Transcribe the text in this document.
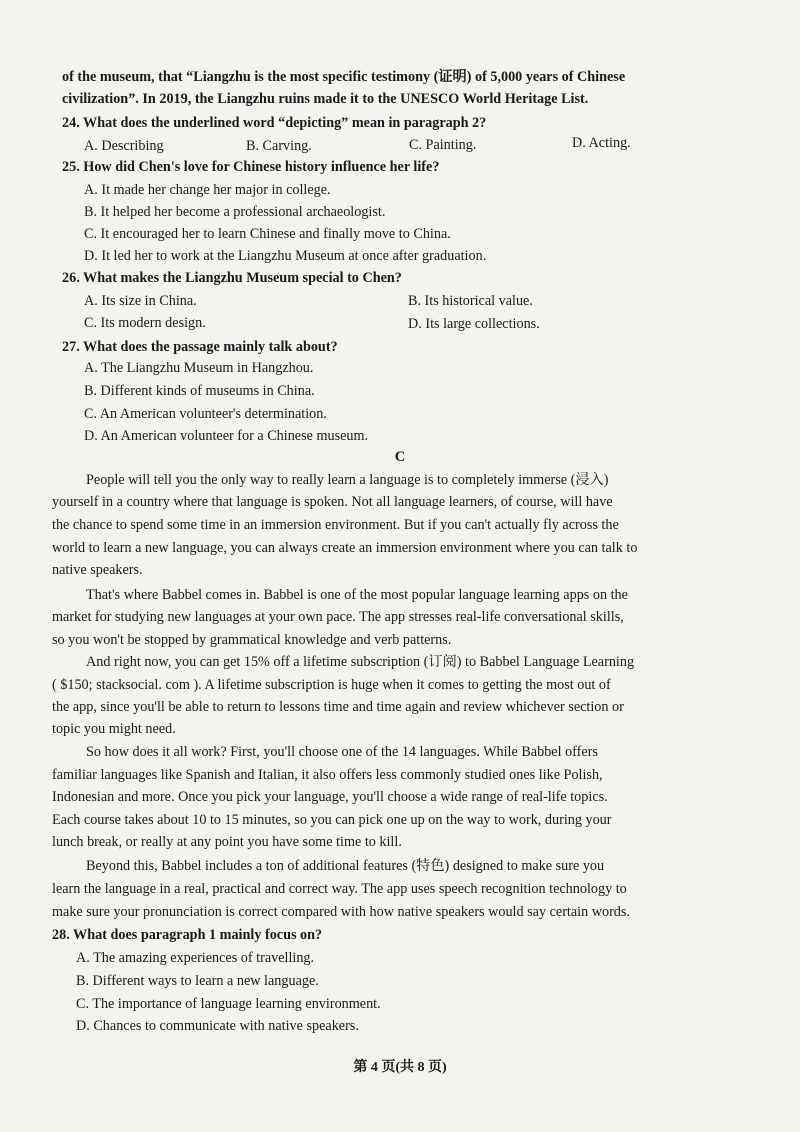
of the museum, that “Liangzhu is the most specific testimony (证明) of 5,000 years of Chinese
civilization”. In 2019, the Liangzhu ruins made it to the UNESCO World Heritage List.
24. What does the underlined word “depicting” mean in paragraph 2?
A. Describing	B. Carving.	C. Painting.	D. Acting.
25. How did Chen's love for Chinese history influence her life?
A. It made her change her major in college.
B. It helped her become a professional archaeologist.
C. It encouraged her to learn Chinese and finally move to China.
D. It led her to work at the Liangzhu Museum at once after graduation.
26. What makes the Liangzhu Museum special to Chen?
A. Its size in China.	B. Its historical value.
C. Its modern design.	D. Its large collections.
27. What does the passage mainly talk about?
A. The Liangzhu Museum in Hangzhou.
B. Different kinds of museums in China.
C. An American volunteer's determination.
D. An American volunteer for a Chinese museum.
C
People will tell you the only way to really learn a language is to completely immerse (浸入)
yourself in a country where that language is spoken. Not all language learners, of course, will have
the chance to spend some time in an immersion environment. But if you can't actually fly across the
world to learn a new language, you can always create an immersion environment where you can talk to
native speakers.
That's where Babbel comes in. Babbel is one of the most popular language learning apps on the
market for studying new languages at your own pace. The app stresses real-life conversational skills,
so you won't be stopped by grammatical knowledge and verb patterns.
And right now, you can get 15% off a lifetime subscription (订阅) to Babbel Language Learning
( $150; stacksocial. com ). A lifetime subscription is huge when it comes to getting the most out of
the app, since you'll be able to return to lessons time and time again and review whichever section or
topic you might need.
So how does it all work? First, you'll choose one of the 14 languages. While Babbel offers
familiar languages like Spanish and Italian, it also offers less commonly studied ones like Polish,
Indonesian and more. Once you pick your language, you'll choose a wide range of real-life topics.
Each course takes about 10 to 15 minutes, so you can pick one up on the way to work, during your
lunch break, or really at any point you have some time to kill.
Beyond this, Babbel includes a ton of additional features (特色) designed to make sure you
learn the language in a real, practical and correct way. The app uses speech recognition technology to
make sure your pronunciation is correct compared with how native speakers would say certain words.
28. What does paragraph 1 mainly focus on?
A. The amazing experiences of travelling.
B. Different ways to learn a new language.
C. The importance of language learning environment.
D. Chances to communicate with native speakers.
第 4 页(共 8 页)
